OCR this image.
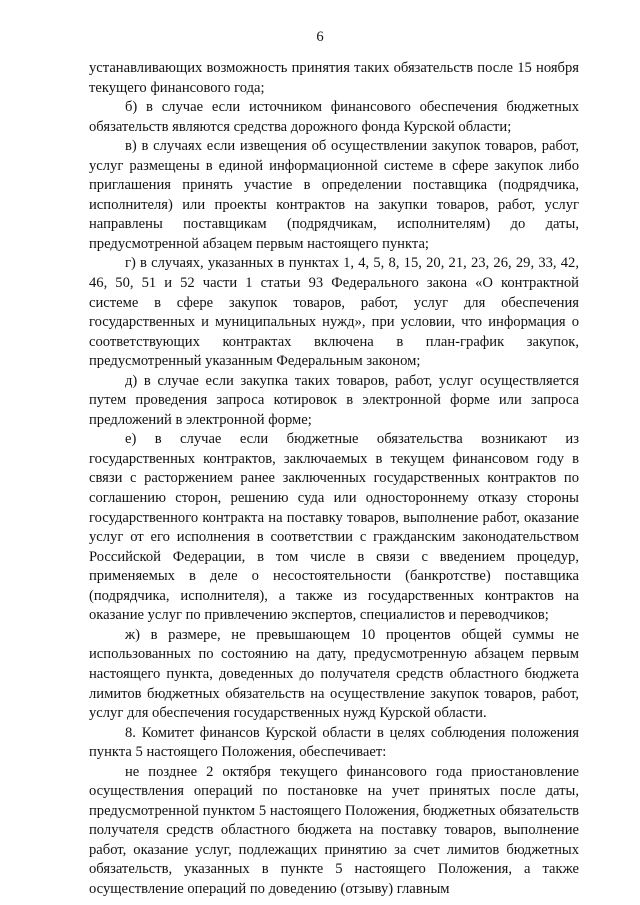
6

устанавливающих возможность принятия таких обязательств после 15 ноября текущего финансового года;

б) в случае если источником финансового обеспечения бюджетных обязательств являются средства дорожного фонда Курской области;

в) в случаях если извещения об осуществлении закупок товаров, работ, услуг размещены в единой информационной системе в сфере закупок либо приглашения принять участие в определении поставщика (подрядчика, исполнителя) или проекты контрактов на закупки товаров, работ, услуг направлены поставщикам (подрядчикам, исполнителям) до даты, предусмотренной абзацем первым настоящего пункта;

г) в случаях, указанных в пунктах 1, 4, 5, 8, 15, 20, 21, 23, 26, 29, 33, 42, 46, 50, 51 и 52 части 1 статьи 93 Федерального закона «О контрактной системе в сфере закупок товаров, работ, услуг для обеспечения государственных и муниципальных нужд», при условии, что информация о соответствующих контрактах включена в план-график закупок, предусмотренный указанным Федеральным законом;

д) в случае если закупка таких товаров, работ, услуг осуществляется путем проведения запроса котировок в электронной форме или запроса предложений в электронной форме;

е) в случае если бюджетные обязательства возникают из государственных контрактов, заключаемых в текущем финансовом году в связи с расторжением ранее заключенных государственных контрактов по соглашению сторон, решению суда или одностороннему отказу стороны государственного контракта на поставку товаров, выполнение работ, оказание услуг от его исполнения в соответствии с гражданским законодательством Российской Федерации, в том числе в связи с введением процедур, применяемых в деле о несостоятельности (банкротстве) поставщика (подрядчика, исполнителя), а также из государственных контрактов на оказание услуг по привлечению экспертов, специалистов и переводчиков;

ж) в размере, не превышающем 10 процентов общей суммы не использованных по состоянию на дату, предусмотренную абзацем первым настоящего пункта, доведенных до получателя средств областного бюджета лимитов бюджетных обязательств на осуществление закупок товаров, работ, услуг для обеспечения государственных нужд Курской области.

8. Комитет финансов Курской области в целях соблюдения положения пункта 5 настоящего Положения, обеспечивает:

не позднее 2 октября текущего финансового года приостановление осуществления операций по постановке на учет принятых после даты, предусмотренной пунктом 5 настоящего Положения, бюджетных обязательств получателя средств областного бюджета на поставку товаров, выполнение работ, оказание услуг, подлежащих принятию за счет лимитов бюджетных обязательств, указанных в пункте 5 настоящего Положения, а также осуществление операций по доведению (отзыву) главным
